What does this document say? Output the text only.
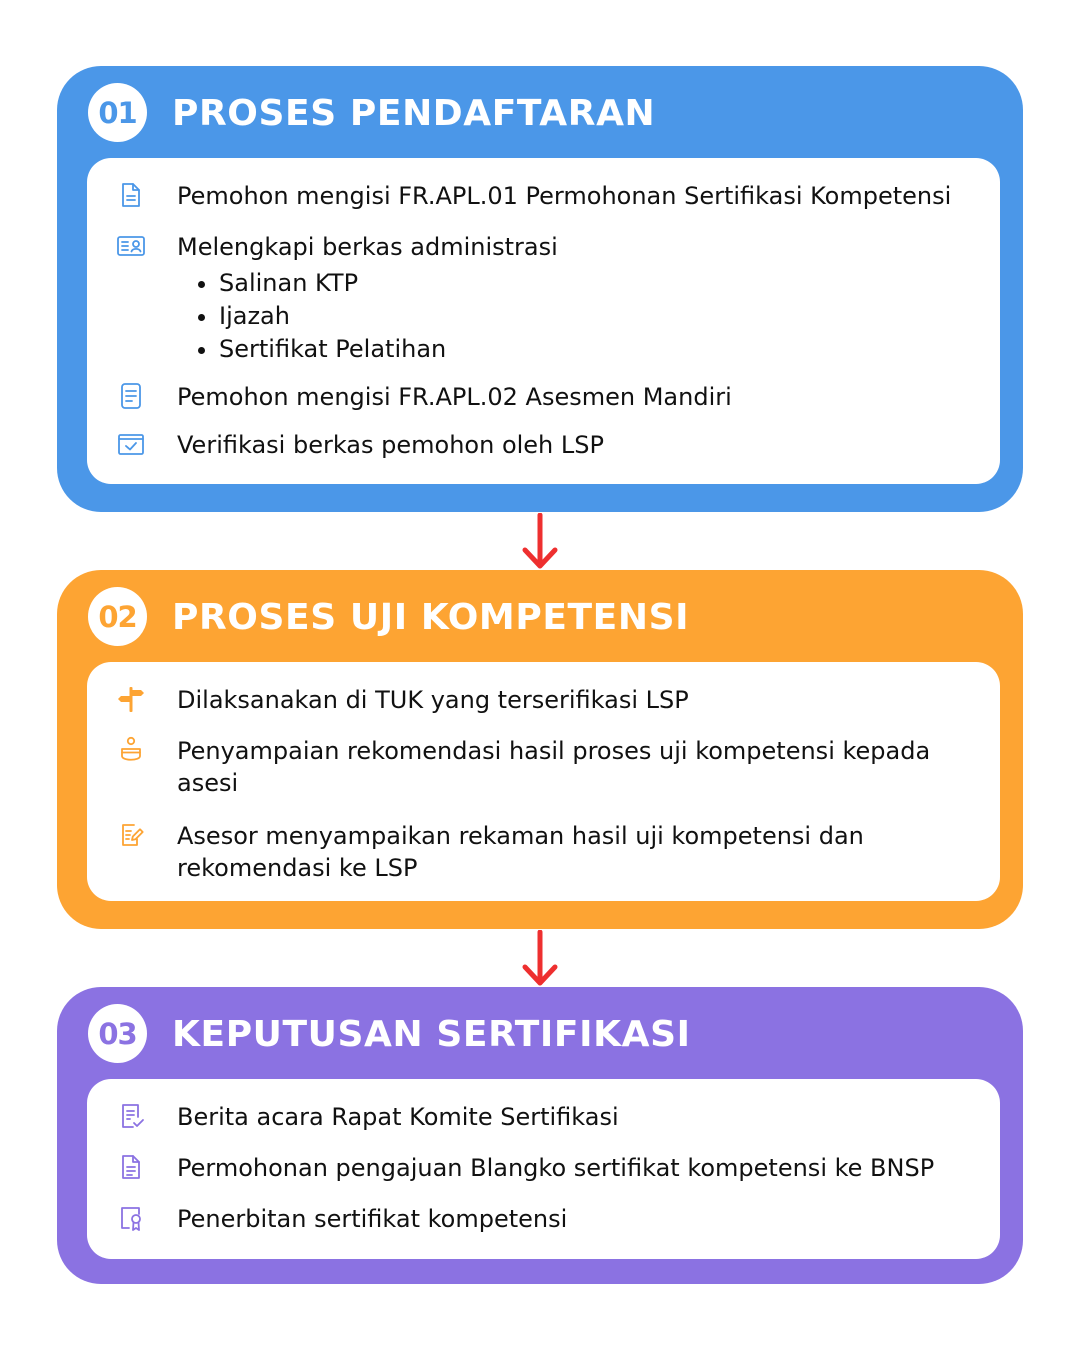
01 PROSES PENDAFTARAN
Pemohon mengisi FR.APL.01 Permohonan Sertifikasi Kompetensi
Melengkapi berkas administrasi
• Salinan KTP
• Ijazah
• Sertifikat Pelatihan
Pemohon mengisi FR.APL.02 Asesmen Mandiri
Verifikasi berkas pemohon oleh LSP
02 PROSES UJI KOMPETENSI
Dilaksanakan di TUK yang terserifikasi LSP
Penyampaian rekomendasi hasil proses uji kompetensi kepada asesi
Asesor menyampaikan rekaman hasil uji kompetensi dan rekomendasi ke LSP
03 KEPUTUSAN SERTIFIKASI
Berita acara Rapat Komite Sertifikasi
Permohonan pengajuan Blangko sertifikat kompetensi ke BNSP
Penerbitan sertifikat kompetensi
